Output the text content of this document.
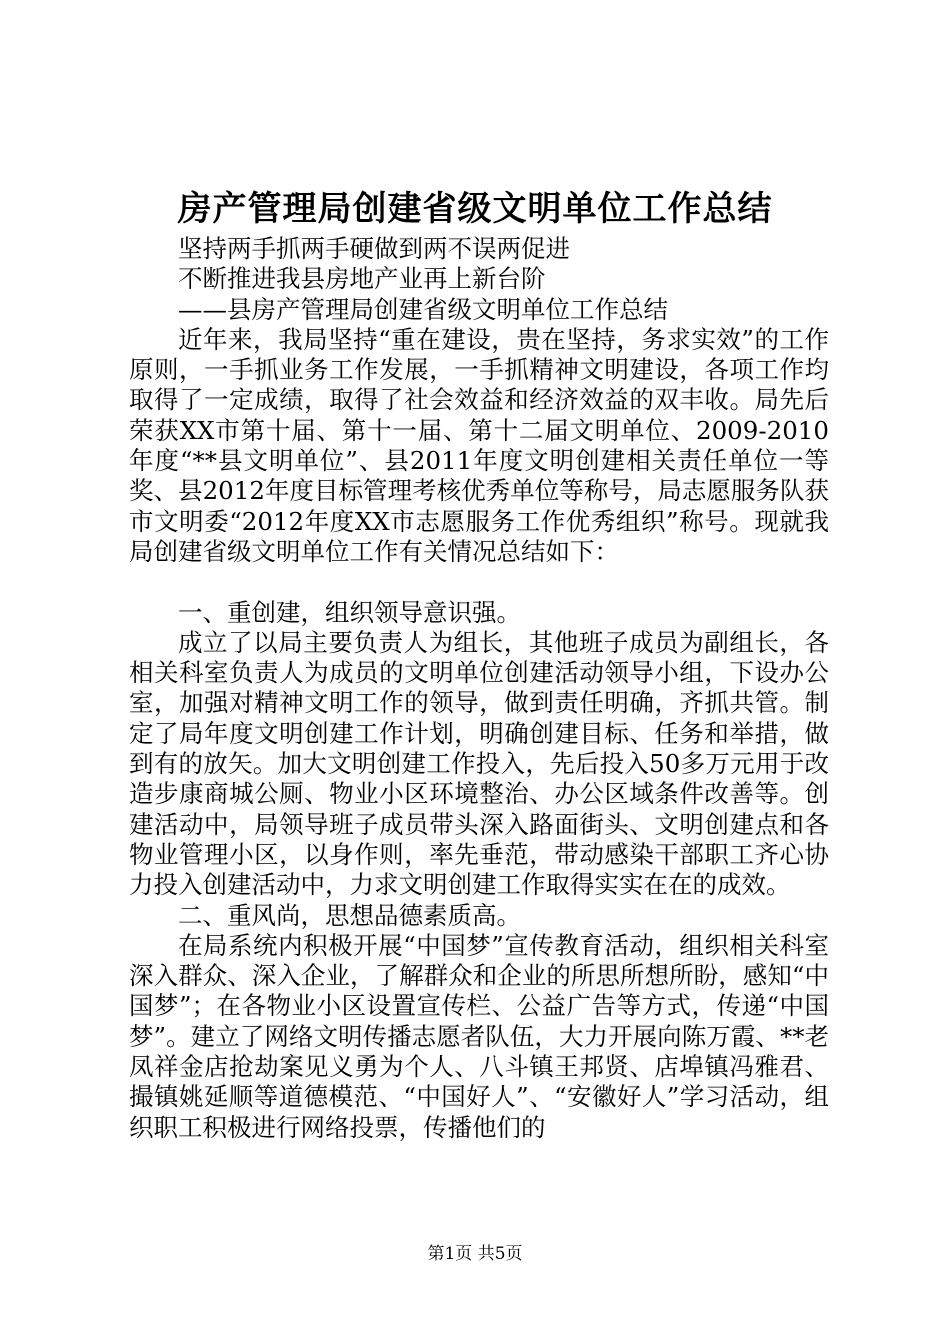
房产管理局创建省级文明单位工作总结

坚持两手抓两手硬做到两不误两促进

不断推进我县房地产业再上新台阶

——县房产管理局创建省级文明单位工作总结

近年来，我局坚持“重在建设，贵在坚持，务求实效”的工作原则，一手抓业务工作发展，一手抓精神文明建设，各项工作均取得了一定成绩，取得了社会效益和经济效益的双丰收。局先后荣获XX市第十届、第十一届、第十二届文明单位、2009-2010年度“**县文明单位”、县2011年度文明创建相关责任单位一等奖、县2012年度目标管理考核优秀单位等称号，局志愿服务队获市文明委“2012年度XX市志愿服务工作优秀组织”称号。现就我局创建省级文明单位工作有关情况总结如下：

一、重创建，组织领导意识强。

成立了以局主要负责人为组长，其他班子成员为副组长，各相关科室负责人为成员的文明单位创建活动领导小组，下设办公室，加强对精神文明工作的领导，做到责任明确，齐抓共管。制定了局年度文明创建工作计划，明确创建目标、任务和举措，做到有的放矢。加大文明创建工作投入，先后投入50多万元用于改造步康商城公厕、物业小区环境整治、办公区域条件改善等。创建活动中，局领导班子成员带头深入路面街头、文明创建点和各物业管理小区，以身作则，率先垂范，带动感染干部职工齐心协力投入创建活动中，力求文明创建工作取得实实在在的成效。

二、重风尚，思想品德素质高。

在局系统内积极开展“中国梦”宣传教育活动，组织相关科室深入群众、深入企业，了解群众和企业的所思所想所盼，感知“中国梦”；在各物业小区设置宣传栏、公益广告等方式，传递“中国梦”。建立了网络文明传播志愿者队伍，大力开展向陈万霞、**老凤祥金店抢劫案见义勇为个人、八斗镇王邦贤、店埠镇冯雅君、撮镇姚延顺等道德模范、“中国好人”、“安徽好人”学习活动，组织职工积极进行网络投票，传播他们的

第1页 共5页
